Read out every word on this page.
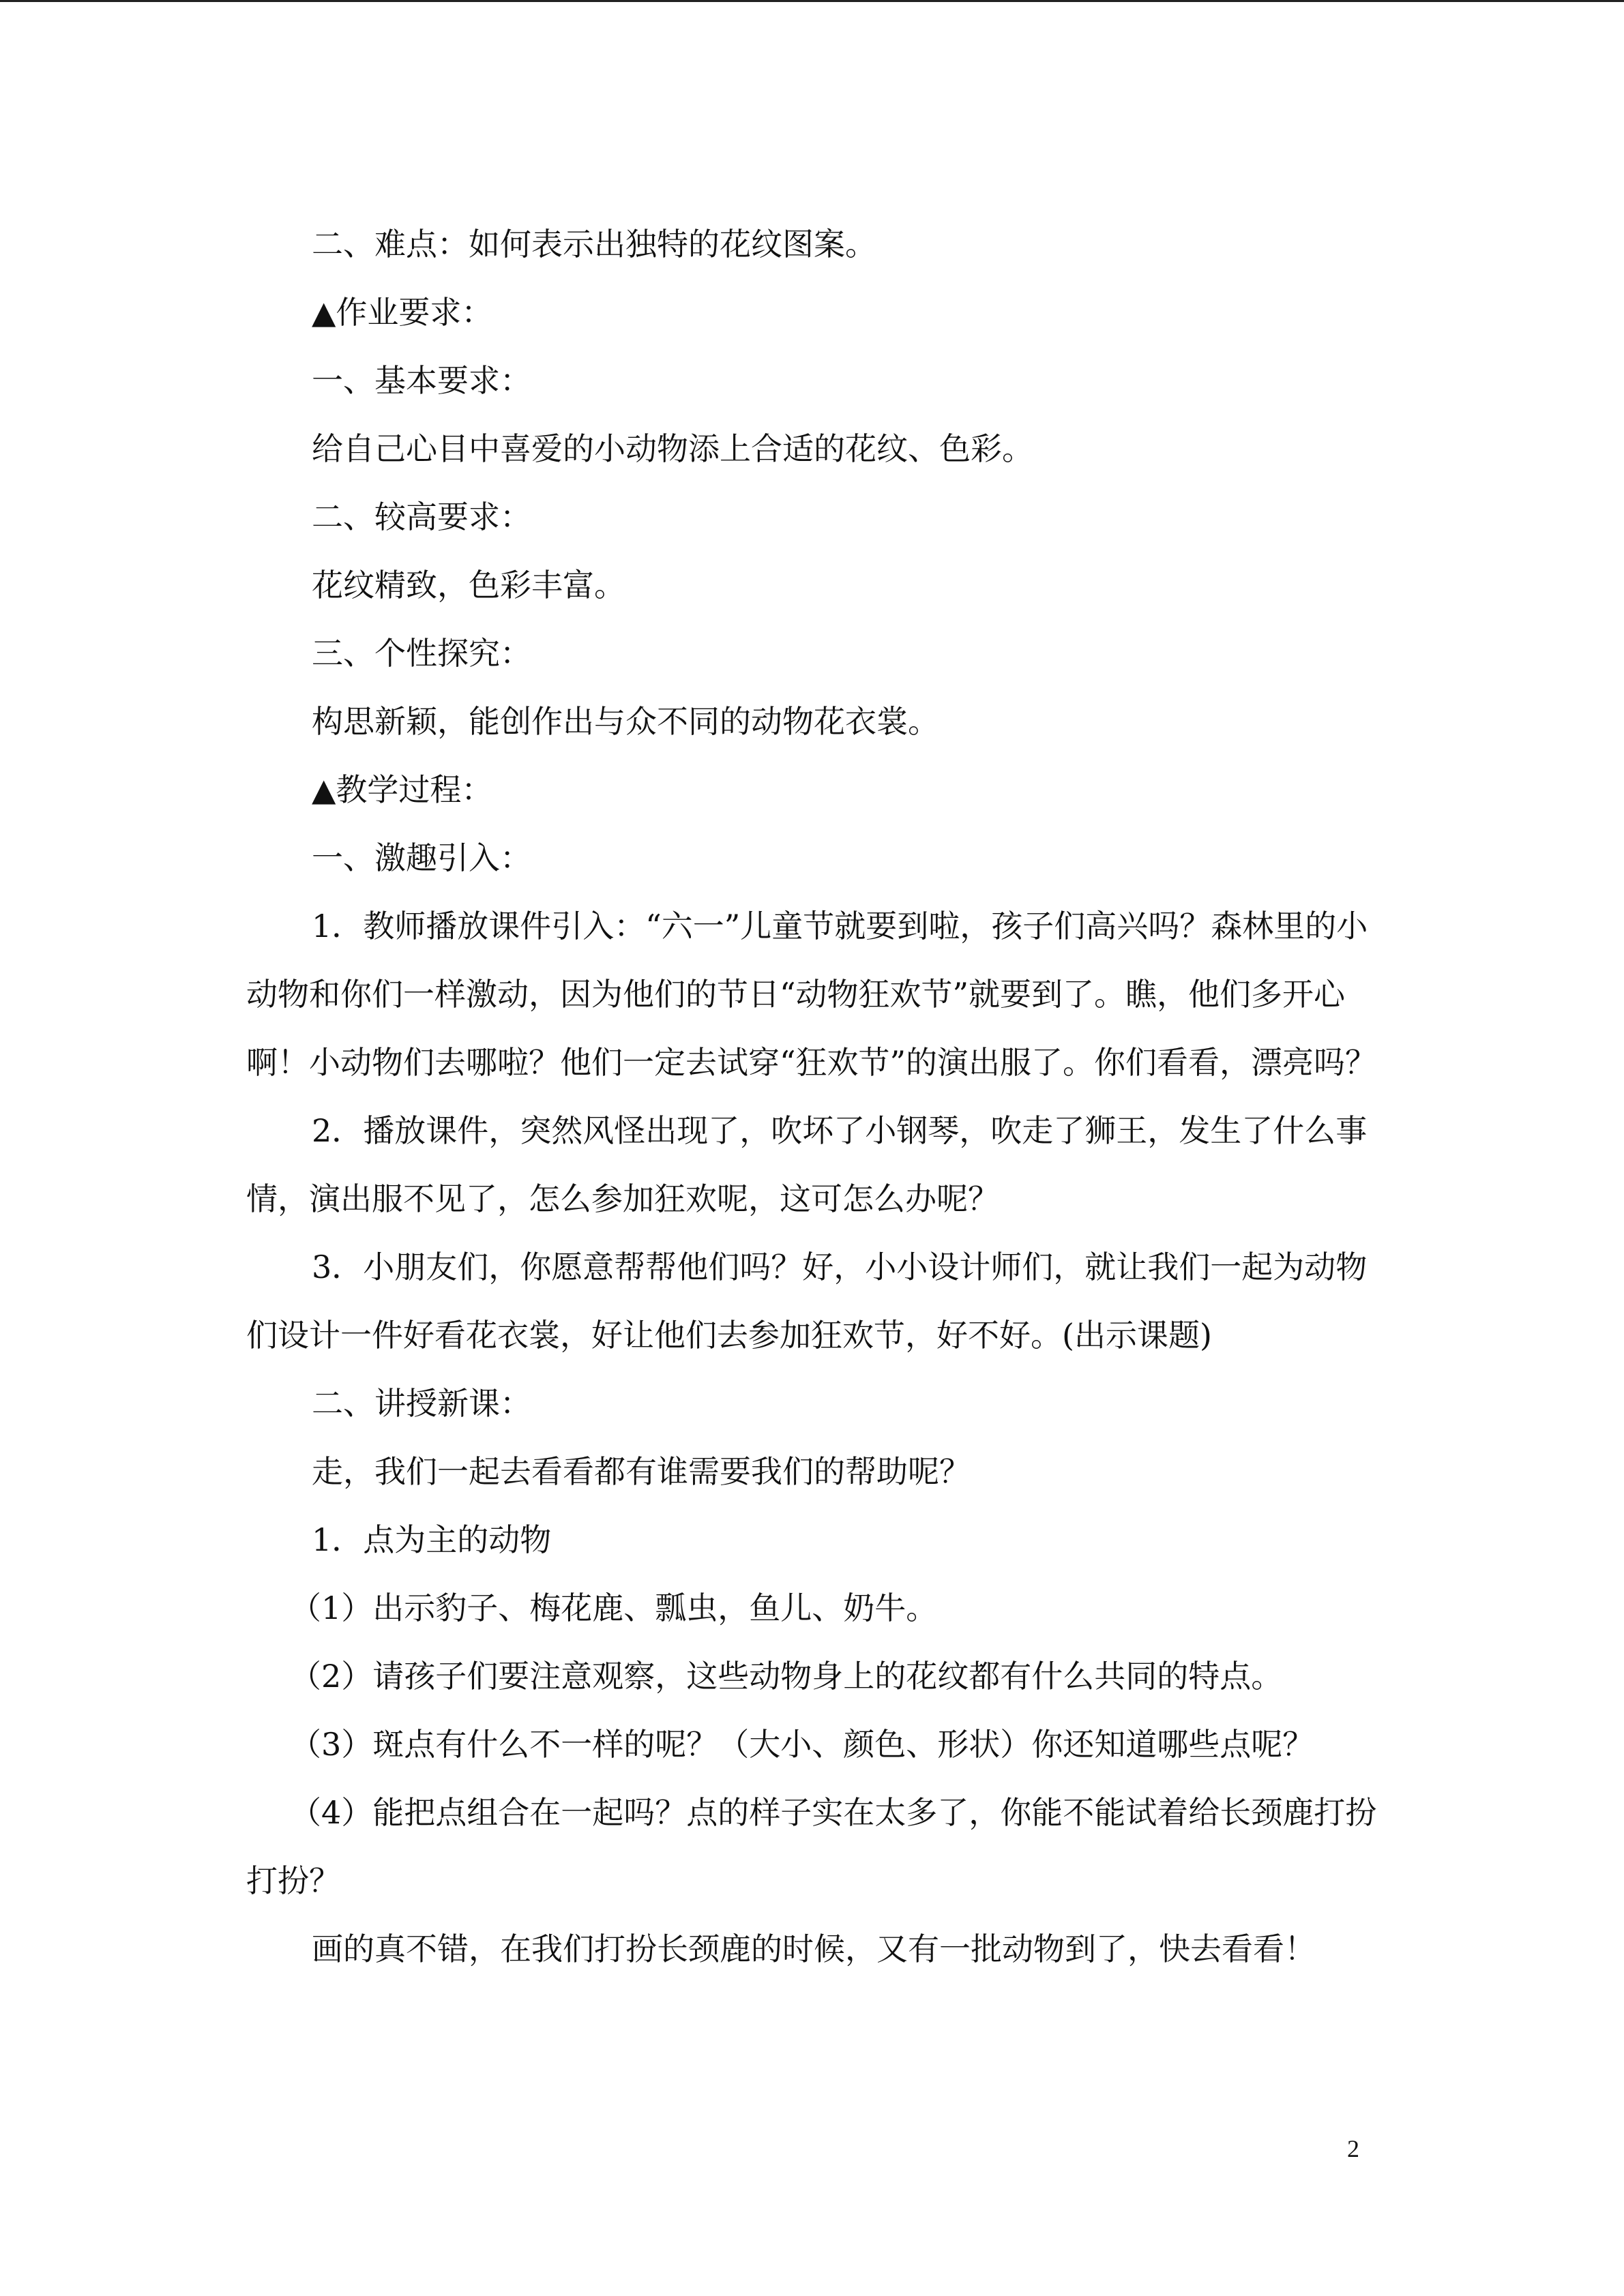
二、难点：如何表示出独特的花纹图案。

▲作业要求：

一、基本要求：

给自己心目中喜爱的小动物添上合适的花纹、色彩。

二、较高要求：

花纹精致，色彩丰富。

三、个性探究：

构思新颖，能创作出与众不同的动物花衣裳。

▲教学过程：

一、激趣引入：

1．教师播放课件引入：“六一”儿童节就要到啦，孩子们高兴吗？森林里的小动物和你们一样激动，因为他们的节日“动物狂欢节”就要到了。瞧，他们多开心啊！小动物们去哪啦？他们一定去试穿“狂欢节”的演出服了。你们看看，漂亮吗？

2．播放课件，突然风怪出现了，吹坏了小钢琴，吹走了狮王，发生了什么事情，演出服不见了，怎么参加狂欢呢，这可怎么办呢？

3．小朋友们，你愿意帮帮他们吗？好，小小设计师们，就让我们一起为动物们设计一件好看花衣裳，好让他们去参加狂欢节，好不好。(出示课题)

二、讲授新课：

走，我们一起去看看都有谁需要我们的帮助呢？

1．点为主的动物

（1）出示豹子、梅花鹿、瓢虫，鱼儿、奶牛。

（2）请孩子们要注意观察，这些动物身上的花纹都有什么共同的特点。

（3）斑点有什么不一样的呢？（大小、颜色、形状）你还知道哪些点呢？

（4）能把点组合在一起吗？点的样子实在太多了，你能不能试着给长颈鹿打扮打扮？

画的真不错，在我们打扮长颈鹿的时候，又有一批动物到了，快去看看！

2
